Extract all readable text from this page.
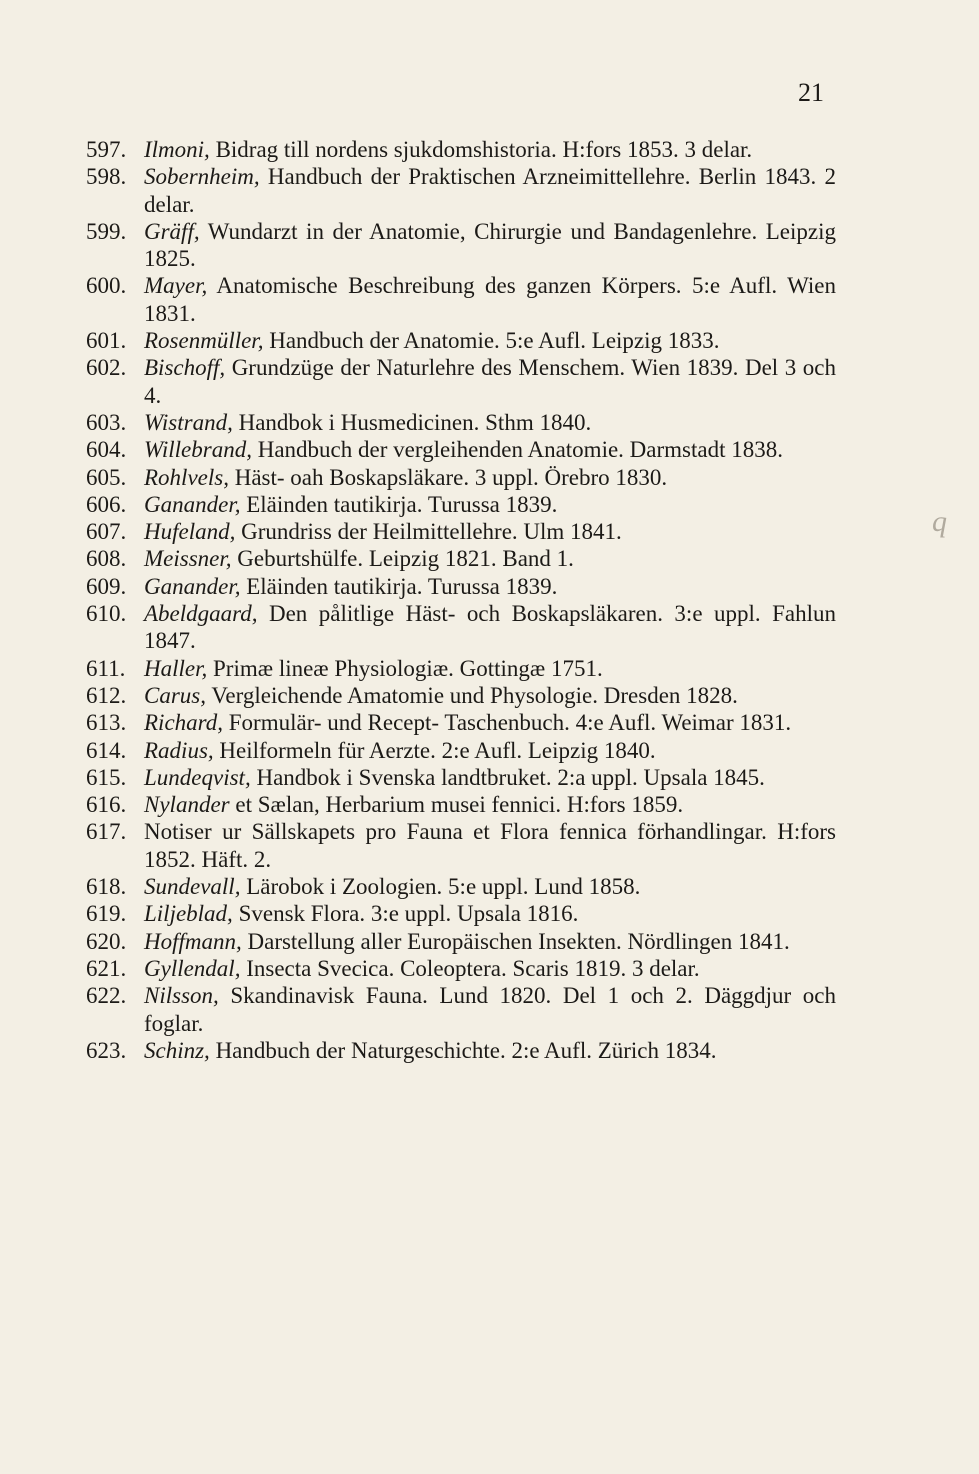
21
597. Ilmoni, Bidrag till nordens sjukdomshistoria. H:fors 1853. 3 delar.
598. Sobernheim, Handbuch der Praktischen Arzneimittellehre. Berlin 1843. 2 delar.
599. Gräff, Wundarzt in der Anatomie, Chirurgie und Bandagenlehre. Leipzig 1825.
600. Mayer, Anatomische Beschreibung des ganzen Körpers. 5:e Aufl. Wien 1831.
601. Rosenmüller, Handbuch der Anatomie. 5:e Aufl. Leipzig 1833.
602. Bischoff, Grundzüge der Naturlehre des Menschem. Wien 1839. Del 3 och 4.
603. Wistrand, Handbok i Husmedicinen. Sthm 1840.
604. Willebrand, Handbuch der vergleihenden Anatomie. Darmstadt 1838.
605. Rohlvels, Häst- oah Boskapsläkare. 3 uppl. Örebro 1830.
606. Ganander, Eläinden tautikirja. Turussa 1839.
607. Hufeland, Grundriss der Heilmittellehre. Ulm 1841.
608. Meissner, Geburtshülfe. Leipzig 1821. Band 1.
609. Ganander, Eläinden tautikirja. Turussa 1839.
610. Abeldgaard, Den pålitlige Häst- och Boskapsläkaren. 3:e uppl. Fahlun 1847.
611. Haller, Primæ lineæ Physiologiæ. Gottingæ 1751.
612. Carus, Vergleichende Amatomie und Physologie. Dresden 1828.
613. Richard, Formulär- und Recept- Taschenbuch. 4:e Aufl. Weimar 1831.
614. Radius, Heilformeln für Aerzte. 2:e Aufl. Leipzig 1840.
615. Lundeqvist, Handbok i Svenska landtbruket. 2:a uppl. Upsala 1845.
616. Nylander et Sælan, Herbarium musei fennici. H:fors 1859.
617. Notiser ur Sällskapets pro Fauna et Flora fennica förhandlingar. H:fors 1852. Häft. 2.
618. Sundevall, Lärobok i Zoologien. 5:e uppl. Lund 1858.
619. Liljeblad, Svensk Flora. 3:e uppl. Upsala 1816.
620. Hoffmann, Darstellung aller Europäischen Insekten. Nördlingen 1841.
621. Gyllendal, Insecta Svecica. Coleoptera. Scaris 1819. 3 delar.
622. Nilsson, Skandinavisk Fauna. Lund 1820. Del 1 och 2. Däggdjur och foglar.
623. Schinz, Handbuch der Naturgeschichte. 2:e Aufl. Zürich 1834.
q
